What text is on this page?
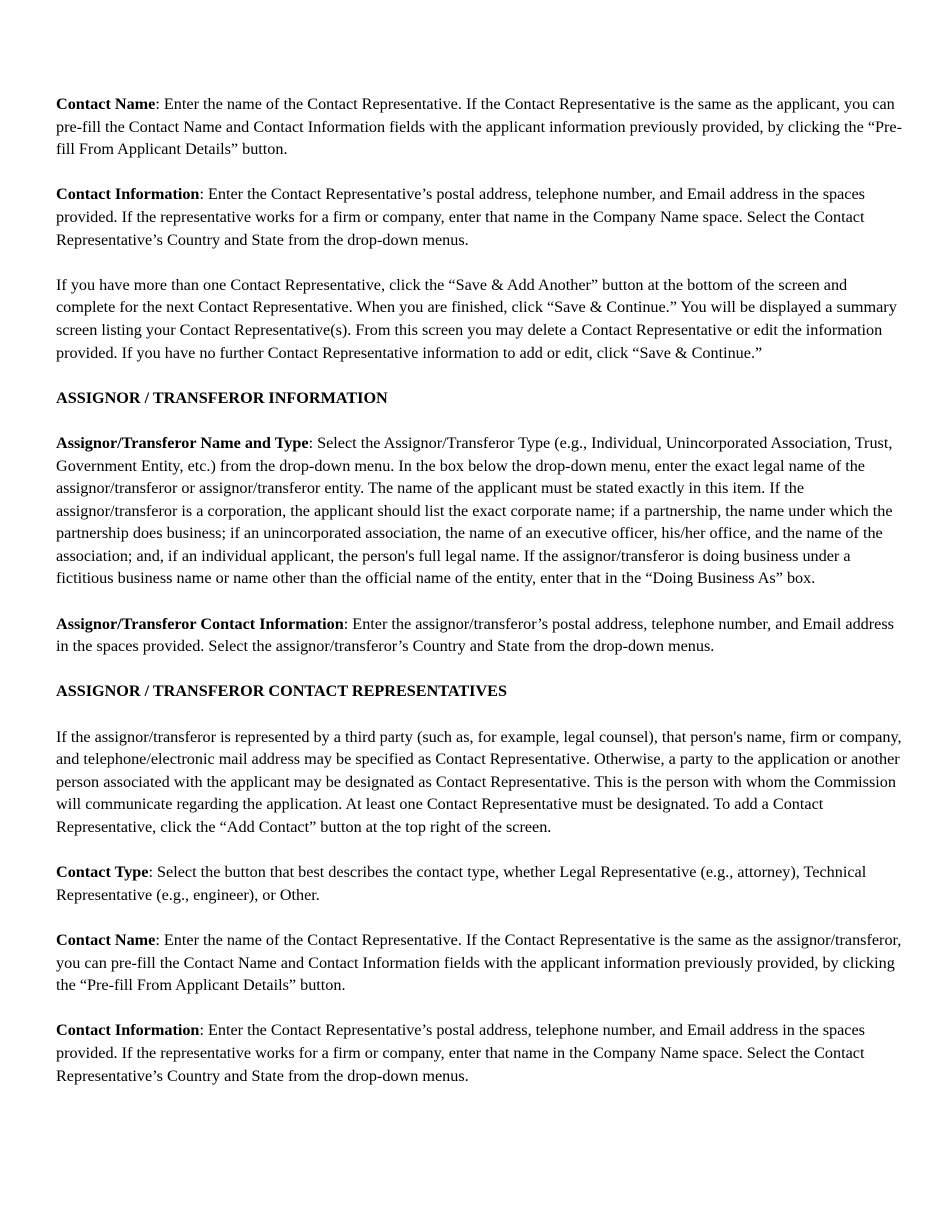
Contact Name: Enter the name of the Contact Representative. If the Contact Representative is the same as the applicant, you can pre-fill the Contact Name and Contact Information fields with the applicant information previously provided, by clicking the “Pre-fill From Applicant Details” button.

Contact Information: Enter the Contact Representative’s postal address, telephone number, and Email address in the spaces provided. If the representative works for a firm or company, enter that name in the Company Name space. Select the Contact Representative’s Country and State from the drop-down menus.

If you have more than one Contact Representative, click the “Save & Add Another” button at the bottom of the screen and complete for the next Contact Representative. When you are finished, click “Save & Continue.” You will be displayed a summary screen listing your Contact Representative(s). From this screen you may delete a Contact Representative or edit the information provided. If you have no further Contact Representative information to add or edit, click “Save & Continue.”

ASSIGNOR / TRANSFEROR INFORMATION

Assignor/Transferor Name and Type: Select the Assignor/Transferor Type (e.g., Individual, Unincorporated Association, Trust, Government Entity, etc.) from the drop-down menu. In the box below the drop-down menu, enter the exact legal name of the assignor/transferor or assignor/transferor entity. The name of the applicant must be stated exactly in this item. If the assignor/transferor is a corporation, the applicant should list the exact corporate name; if a partnership, the name under which the partnership does business; if an unincorporated association, the name of an executive officer, his/her office, and the name of the association; and, if an individual applicant, the person's full legal name. If the assignor/transferor is doing business under a fictitious business name or name other than the official name of the entity, enter that in the “Doing Business As” box.

Assignor/Transferor Contact Information: Enter the assignor/transferor’s postal address, telephone number, and Email address in the spaces provided. Select the assignor/transferor’s Country and State from the drop-down menus.

ASSIGNOR / TRANSFEROR CONTACT REPRESENTATIVES

If the assignor/transferor is represented by a third party (such as, for example, legal counsel), that person's name, firm or company, and telephone/electronic mail address may be specified as Contact Representative. Otherwise, a party to the application or another person associated with the applicant may be designated as Contact Representative. This is the person with whom the Commission will communicate regarding the application. At least one Contact Representative must be designated. To add a Contact Representative, click the “Add Contact” button at the top right of the screen.

Contact Type: Select the button that best describes the contact type, whether Legal Representative (e.g., attorney), Technical Representative (e.g., engineer), or Other.

Contact Name: Enter the name of the Contact Representative. If the Contact Representative is the same as the assignor/transferor, you can pre-fill the Contact Name and Contact Information fields with the applicant information previously provided, by clicking the “Pre-fill From Applicant Details” button.

Contact Information: Enter the Contact Representative’s postal address, telephone number, and Email address in the spaces provided. If the representative works for a firm or company, enter that name in the Company Name space. Select the Contact Representative’s Country and State from the drop-down menus.
